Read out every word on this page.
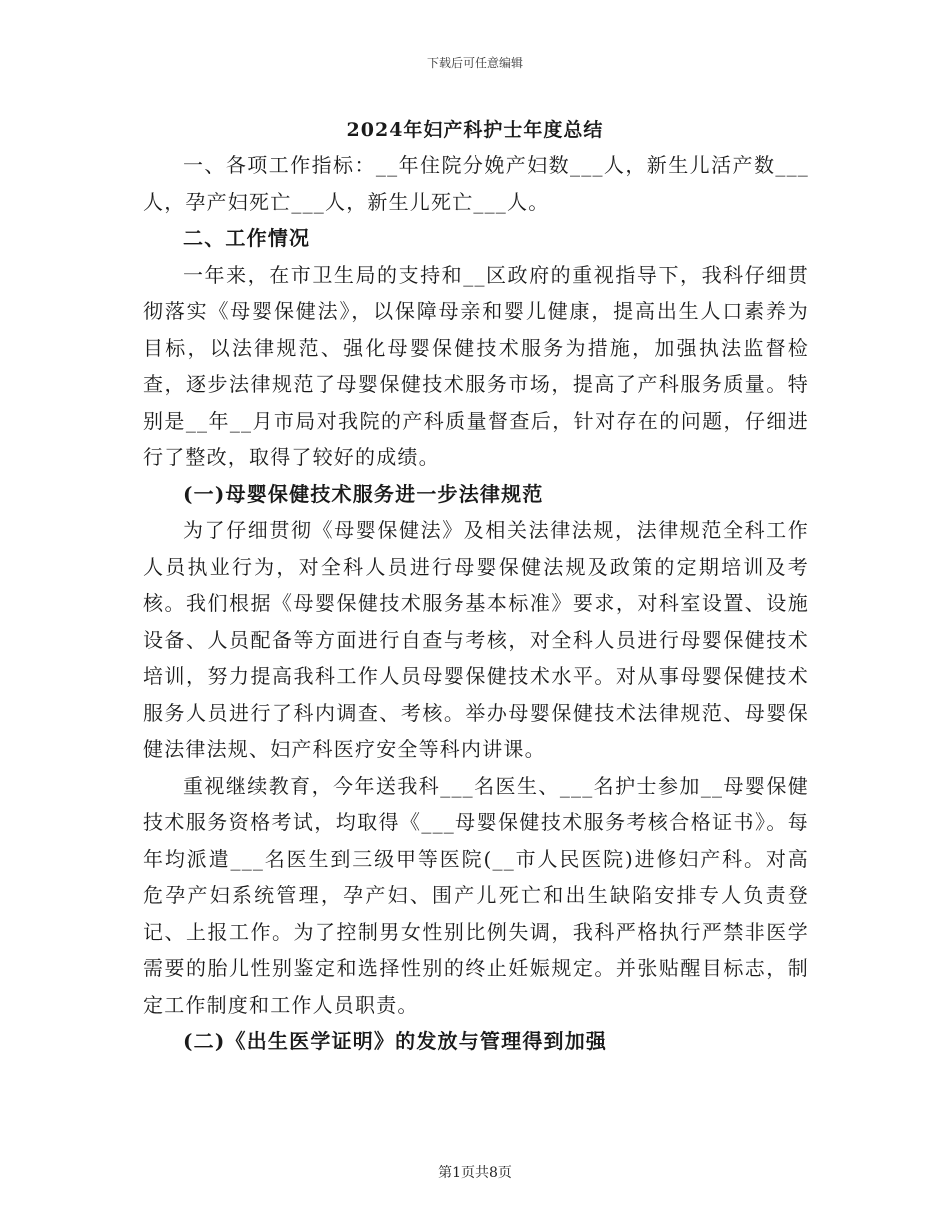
下载后可任意编辑
2024年妇产科护士年度总结

一、各项工作指标：__年住院分娩产妇数___人，新生儿活产数___人，孕产妇死亡___人，新生儿死亡___人。

二、工作情况

一年来，在市卫生局的支持和__区政府的重视指导下，我科仔细贯彻落实《母婴保健法》，以保障母亲和婴儿健康，提高出生人口素养为目标，以法律规范、强化母婴保健技术服务为措施，加强执法监督检查，逐步法律规范了母婴保健技术服务市场，提高了产科服务质量。特别是__年__月市局对我院的产科质量督查后，针对存在的问题，仔细进行了整改，取得了较好的成绩。

(一)母婴保健技术服务进一步法律规范

为了仔细贯彻《母婴保健法》及相关法律法规，法律规范全科工作人员执业行为，对全科人员进行母婴保健法规及政策的定期培训及考核。我们根据《母婴保健技术服务基本标准》要求，对科室设置、设施设备、人员配备等方面进行自查与考核，对全科人员进行母婴保健技术培训，努力提高我科工作人员母婴保健技术水平。对从事母婴保健技术服务人员进行了科内调查、考核。举办母婴保健技术法律规范、母婴保健法律法规、妇产科医疗安全等科内讲课。

重视继续教育，今年送我科___名医生、___名护士参加__母婴保健技术服务资格考试，均取得《___母婴保健技术服务考核合格证书》。每年均派遣___名医生到三级甲等医院(__市人民医院)进修妇产科。对高危孕产妇系统管理，孕产妇、围产儿死亡和出生缺陷安排专人负责登记、上报工作。为了控制男女性别比例失调，我科严格执行严禁非医学需要的胎儿性别鉴定和选择性别的终止妊娠规定。并张贴醒目标志，制定工作制度和工作人员职责。

(二)《出生医学证明》的发放与管理得到加强

第1页共8页
